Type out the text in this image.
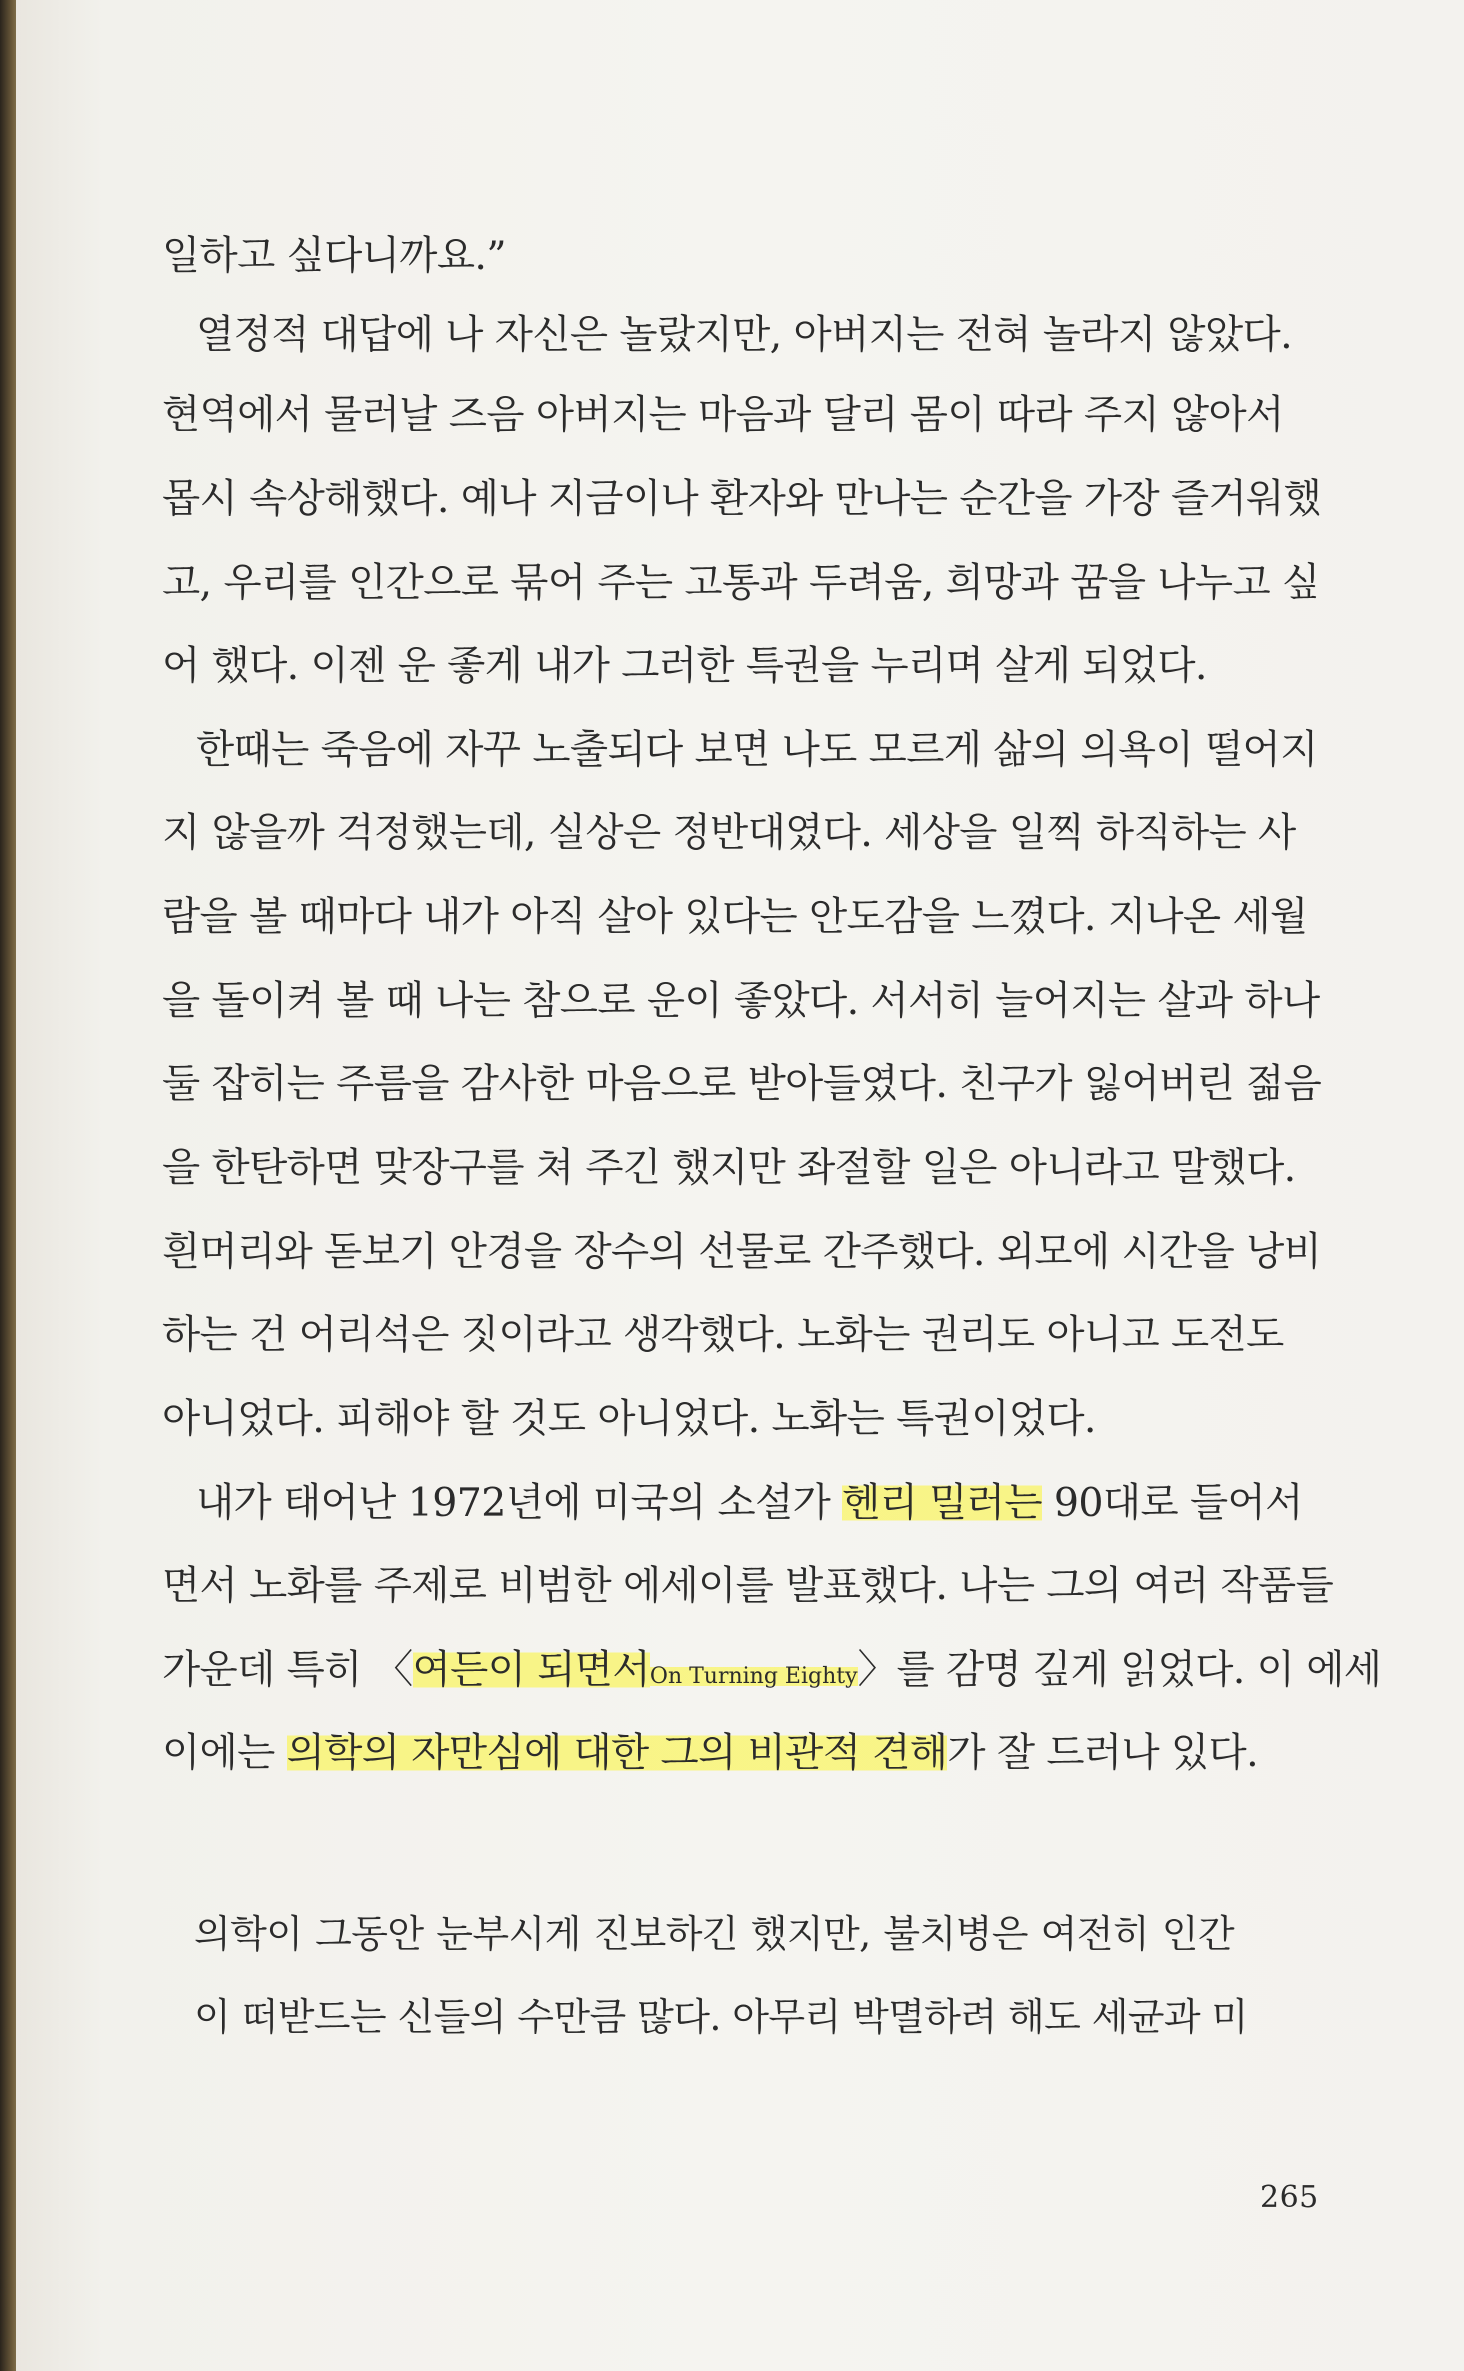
일하고 싶다니까요.”

열정적 대답에 나 자신은 놀랐지만, 아버지는 전혀 놀라지 않았다.

현역에서 물러날 즈음 아버지는 마음과 달리 몸이 따라 주지 않아서

몹시 속상해했다. 예나 지금이나 환자와 만나는 순간을 가장 즐거워했

고, 우리를 인간으로 묶어 주는 고통과 두려움, 희망과 꿈을 나누고 싶

어 했다. 이젠 운 좋게 내가 그러한 특권을 누리며 살게 되었다.

한때는 죽음에 자꾸 노출되다 보면 나도 모르게 삶의 의욕이 떨어지

지 않을까 걱정했는데, 실상은 정반대였다. 세상을 일찍 하직하는 사

람을 볼 때마다 내가 아직 살아 있다는 안도감을 느꼈다. 지나온 세월

을 돌이켜 볼 때 나는 참으로 운이 좋았다. 서서히 늘어지는 살과 하나

둘 잡히는 주름을 감사한 마음으로 받아들였다. 친구가 잃어버린 젊음

을 한탄하면 맞장구를 쳐 주긴 했지만 좌절할 일은 아니라고 말했다.

흰머리와 돋보기 안경을 장수의 선물로 간주했다. 외모에 시간을 낭비

하는 건 어리석은 짓이라고 생각했다. 노화는 권리도 아니고 도전도

아니었다. 피해야 할 것도 아니었다. 노화는 특권이었다.

내가 태어난 1972년에 미국의 소설가 헨리 밀러는 90대로 들어서

면서 노화를 주제로 비범한 에세이를 발표했다. 나는 그의 여러 작품들

가운데 특히 〈여든이 되면서On Turning Eighty〉를 감명 깊게 읽었다. 이 에세

이에는 의학의 자만심에 대한 그의 비관적 견해가 잘 드러나 있다.

의학이 그동안 눈부시게 진보하긴 했지만, 불치병은 여전히 인간

이 떠받드는 신들의 수만큼 많다. 아무리 박멸하려 해도 세균과 미

265
